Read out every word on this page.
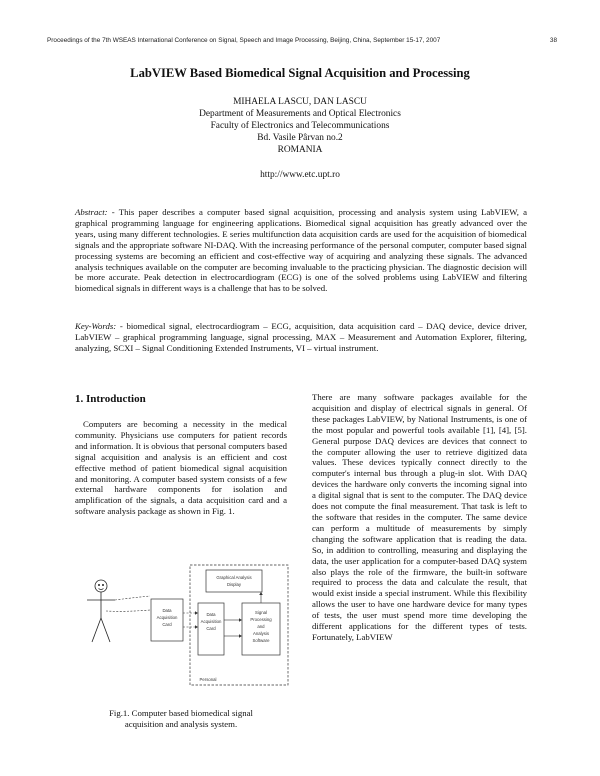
Proceedings of the 7th WSEAS International Conference on Signal, Speech and Image Processing, Beijing, China, September 15-17, 2007	38
LabVIEW Based Biomedical Signal Acquisition and Processing
MIHAELA LASCU, DAN LASCU
Department of Measurements and Optical Electronics
Faculty of Electronics and Telecommunications
Bd. Vasile Pârvan no.2
ROMANIA
http://www.etc.upt.ro
Abstract: - This paper describes a computer based signal acquisition, processing and analysis system using LabVIEW, a graphical programming language for engineering applications. Biomedical signal acquisition has greatly advanced over the years, using many different technologies. E series multifunction data acquisition cards are used for the acquisition of biomedical signals and the appropriate software NI-DAQ. With the increasing performance of the personal computer, computer based signal processing systems are becoming an efficient and cost-effective way of acquiring and analyzing these signals. The advanced analysis techniques available on the computer are becoming invaluable to the practicing physician. The diagnostic decision will be more accurate. Peak detection in electrocardiogram (ECG) is one of the solved problems using LabVIEW and filtering biomedical signals in different ways is a challenge that has to be solved.
Key-Words: - biomedical signal, electrocardiogram – ECG, acquisition, data acquisition card – DAQ device, device driver, LabVIEW – graphical programming language, signal processing, MAX – Measurement and Automation Explorer, filtering, analyzing, SCXI – Signal Conditioning Extended Instruments, VI – virtual instrument.
1. Introduction
Computers are becoming a necessity in the medical community. Physicians use computers for patient records and information. It is obvious that personal computers based signal acquisition and analysis is an efficient and cost effective method of patient biomedical signal acquisition and monitoring. A computer based system consists of a few external hardware components for isolation and amplification of the signals, a data acquisition card and a software analysis package as shown in Fig. 1.
There are many software packages available for the acquisition and display of electrical signals in general. Of these packages LabVIEW, by National Instruments, is one of the most popular and powerful tools available [1], [4], [5]. General purpose DAQ devices are devices that connect to the computer allowing the user to retrieve digitized data values. These devices typically connect directly to the computer's internal bus through a plug-in slot. With DAQ devices the hardware only converts the incoming signal into a digital signal that is sent to the computer. The DAQ device does not compute the final measurement. That task is left to the software that resides in the computer. The same device can perform a multitude of measurements by simply changing the software application that is reading the data. So, in addition to controlling, measuring and displaying the data, the user application for a computer-based DAQ system also plays the role of the firmware, the built-in software required to process the data and calculate the result, that would exist inside a special instrument. While this flexibility allows the user to have one hardware device for many types of tests, the user must spend more time developing the different applications for the different types of tests. Fortunately, LabVIEW
Graphical Analysis
Display
Data
Acquisition
Card
Data
Acquisition
Card
Signal
Processing
and
Analysis
Software
Personal
Fig.1. Computer based biomedical signal
acquisition and analysis system.
